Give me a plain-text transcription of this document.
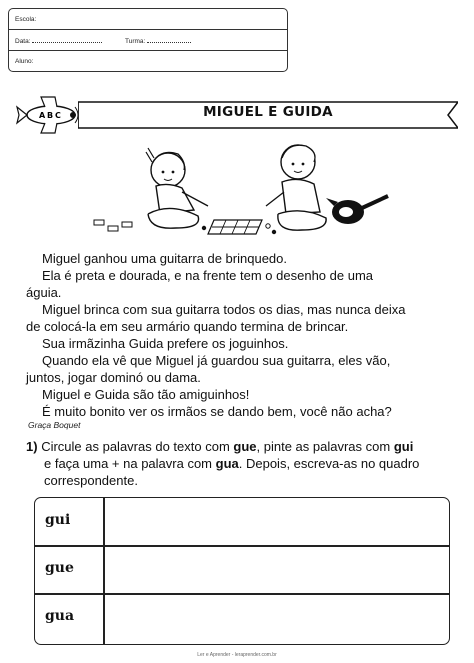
Escola:
Data:	Turma:
Aluno:
A B C	MIGUEL E GUIDA
Miguel ganhou uma guitarra de brinquedo.
Ela é preta e dourada, e na frente tem o desenho de uma
águia.
Miguel brinca com sua guitarra todos os dias, mas nunca deixa
de colocá-la em seu armário quando termina de brincar.
Sua irmãzinha Guida prefere os joguinhos.
Quando ela vê que Miguel já guardou sua guitarra, eles vão,
juntos, jogar dominó ou dama.
Miguel e Guida são tão amiguinhos!
É muito bonito ver os irmãos se dando bem, você não acha?
Graça Boquet
1) Circule as palavras do texto com gue, pinte as palavras com gui
e faça uma + na palavra com gua. Depois, escreva-as no quadro
correspondente.
gui
gue
gua
Ler e Aprender - leraprender.com.br
